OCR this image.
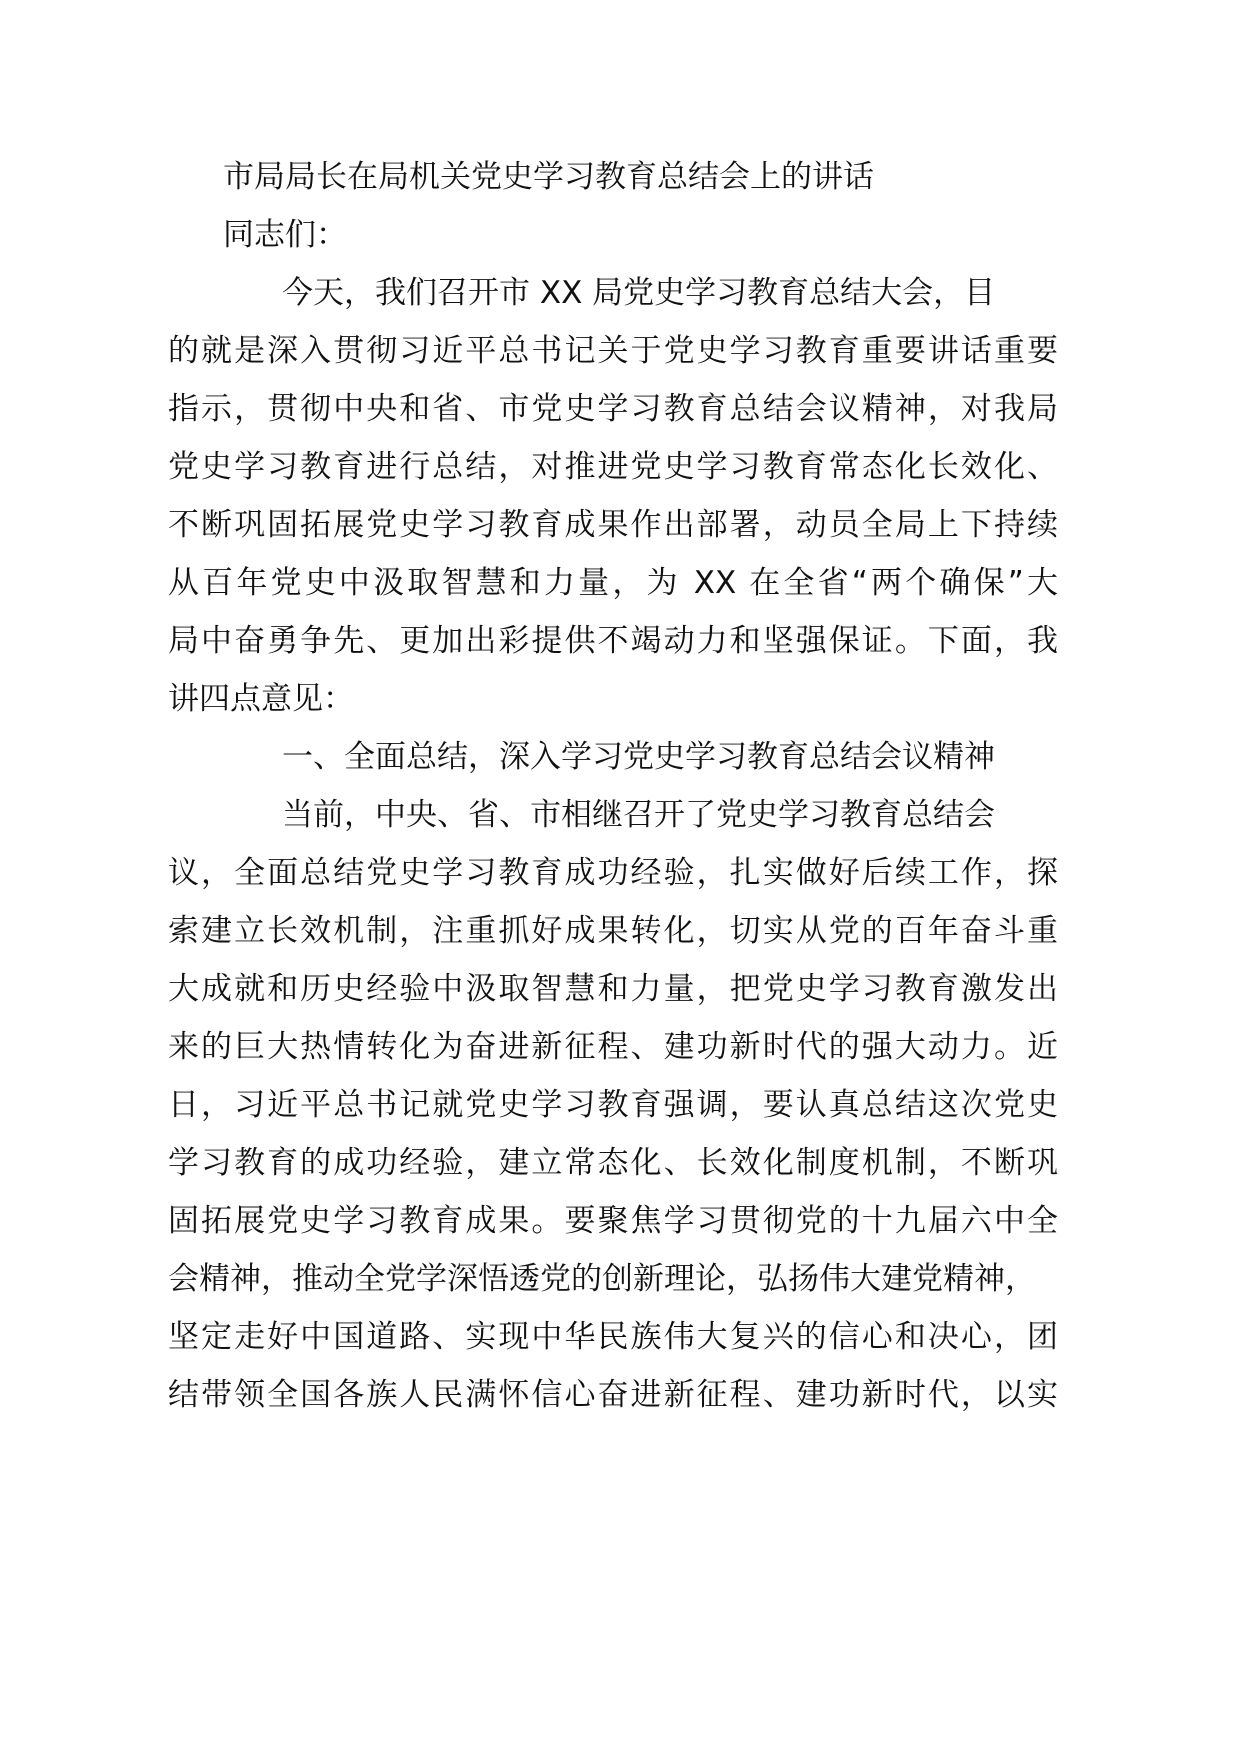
市局局长在局机关党史学习教育总结会上的讲话
同志们：
今天，我们召开市 XX 局党史学习教育总结大会，目
的就是深入贯彻习近平总书记关于党史学习教育重要讲话重要
指示，贯彻中央和省、市党史学习教育总结会议精神，对我局
党史学习教育进行总结，对推进党史学习教育常态化长效化、
不断巩固拓展党史学习教育成果作出部署，动员全局上下持续
从百年党史中汲取智慧和力量，为 XX 在全省“两个确保”大
局中奋勇争先、更加出彩提供不竭动力和坚强保证。下面，我
讲四点意见：
一、全面总结，深入学习党史学习教育总结会议精神
当前，中央、省、市相继召开了党史学习教育总结会
议，全面总结党史学习教育成功经验，扎实做好后续工作，探
索建立长效机制，注重抓好成果转化，切实从党的百年奋斗重
大成就和历史经验中汲取智慧和力量，把党史学习教育激发出
来的巨大热情转化为奋进新征程、建功新时代的强大动力。近
日，习近平总书记就党史学习教育强调，要认真总结这次党史
学习教育的成功经验，建立常态化、长效化制度机制，不断巩
固拓展党史学习教育成果。要聚焦学习贯彻党的十九届六中全
会精神，推动全党学深悟透党的创新理论，弘扬伟大建党精神，
坚定走好中国道路、实现中华民族伟大复兴的信心和决心，团
结带领全国各族人民满怀信心奋进新征程、建功新时代，以实
